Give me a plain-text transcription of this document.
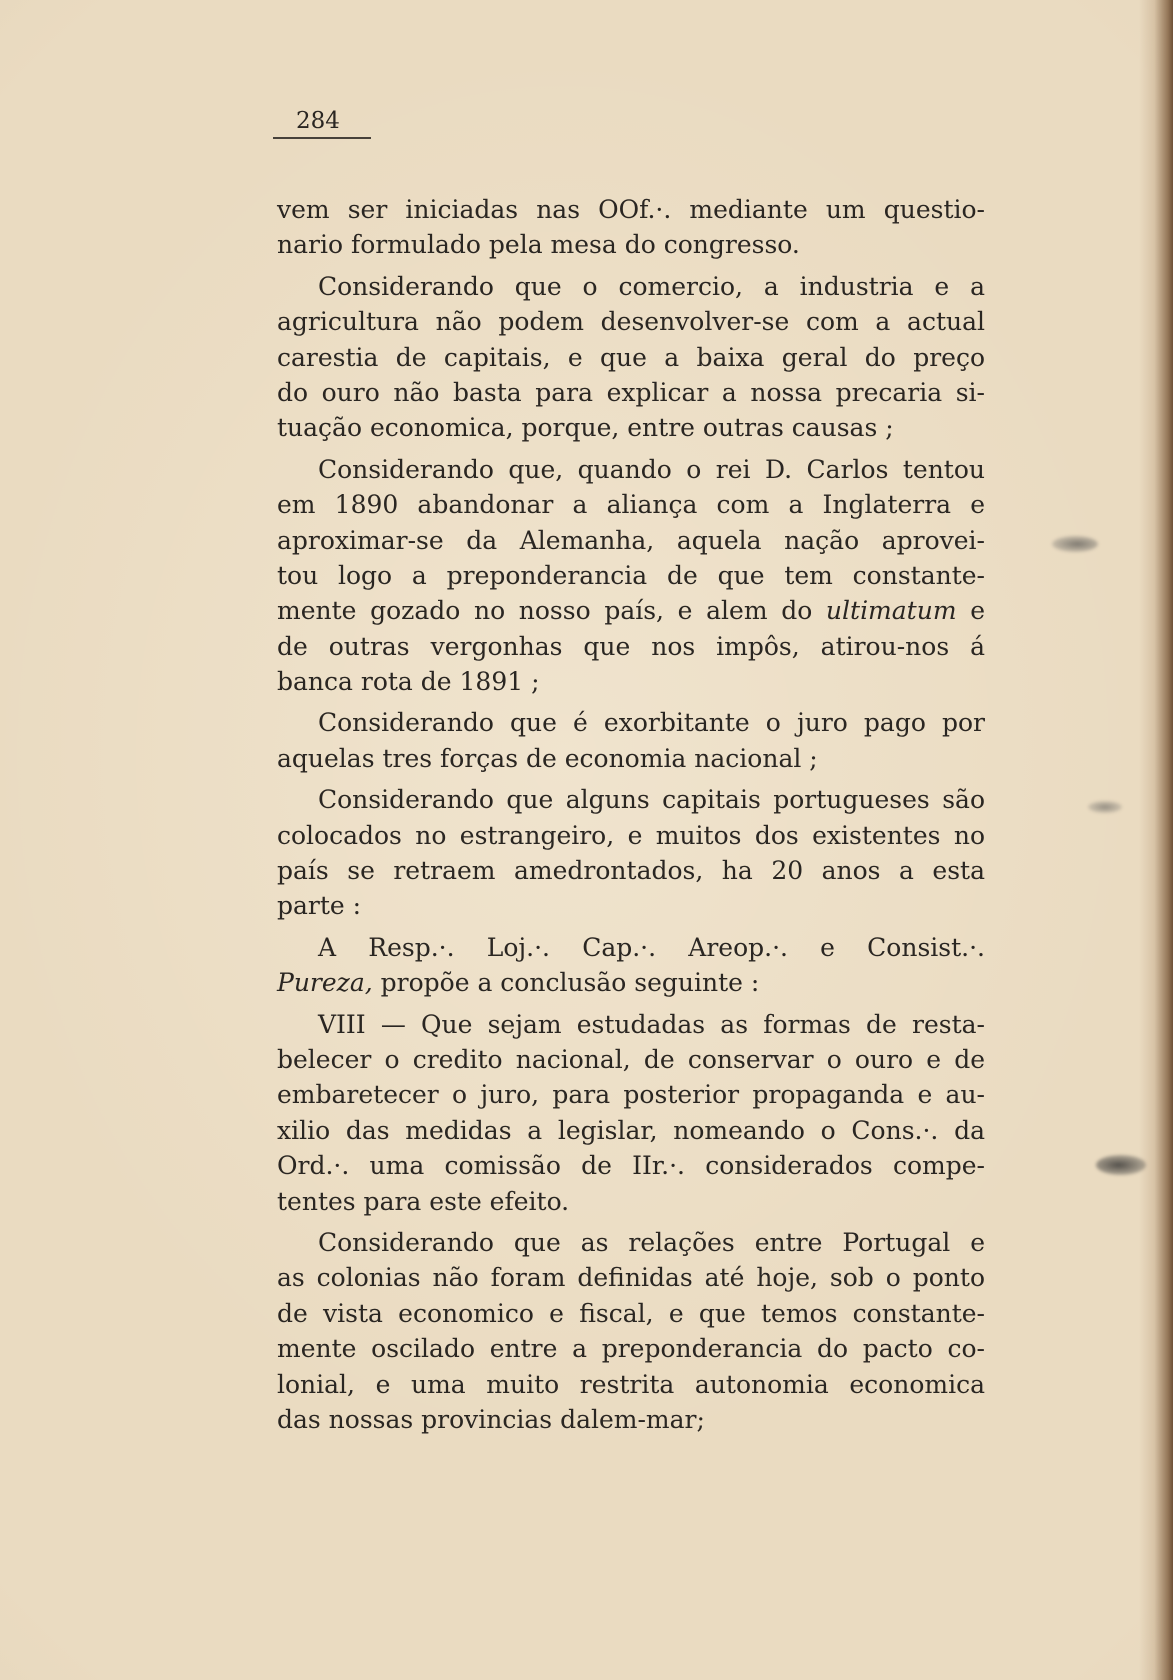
284
vem ser iniciadas nas OOf.·. mediante um questio-
nario formulado pela mesa do congresso.
Considerando que o comercio, a industria e a
agricultura não podem desenvolver-se com a actual
carestia de capitais, e que a baixa geral do preço
do ouro não basta para explicar a nossa precaria si-
tuação economica, porque, entre outras causas ;
Considerando que, quando o rei D. Carlos tentou
em 1890 abandonar a aliança com a Inglaterra e
aproximar-se da Alemanha, aquela nação aprovei-
tou logo a preponderancia de que tem constante-
mente gozado no nosso país, e alem do ultimatum e
de outras vergonhas que nos impôs, atirou-nos á
banca rota de 1891 ;
Considerando que é exorbitante o juro pago por
aquelas tres forças de economia nacional ;
Considerando que alguns capitais portugueses são
colocados no estrangeiro, e muitos dos existentes no
país se retraem amedrontados, ha 20 anos a esta
parte :
A Resp.·. Loj.·. Cap.·. Areop.·. e Consist.·.
Pureza, propõe a conclusão seguinte :
VIII — Que sejam estudadas as formas de resta-
belecer o credito nacional, de conservar o ouro e de
embaretecer o juro, para posterior propaganda e au-
xilio das medidas a legislar, nomeando o Cons.·. da
Ord.·. uma comissão de IIr.·. considerados compe-
tentes para este efeito.
Considerando que as relações entre Portugal e
as colonias não foram definidas até hoje, sob o ponto
de vista economico e fiscal, e que temos constante-
mente oscilado entre a preponderancia do pacto co-
lonial, e uma muito restrita autonomia economica
das nossas provincias dalem-mar;
